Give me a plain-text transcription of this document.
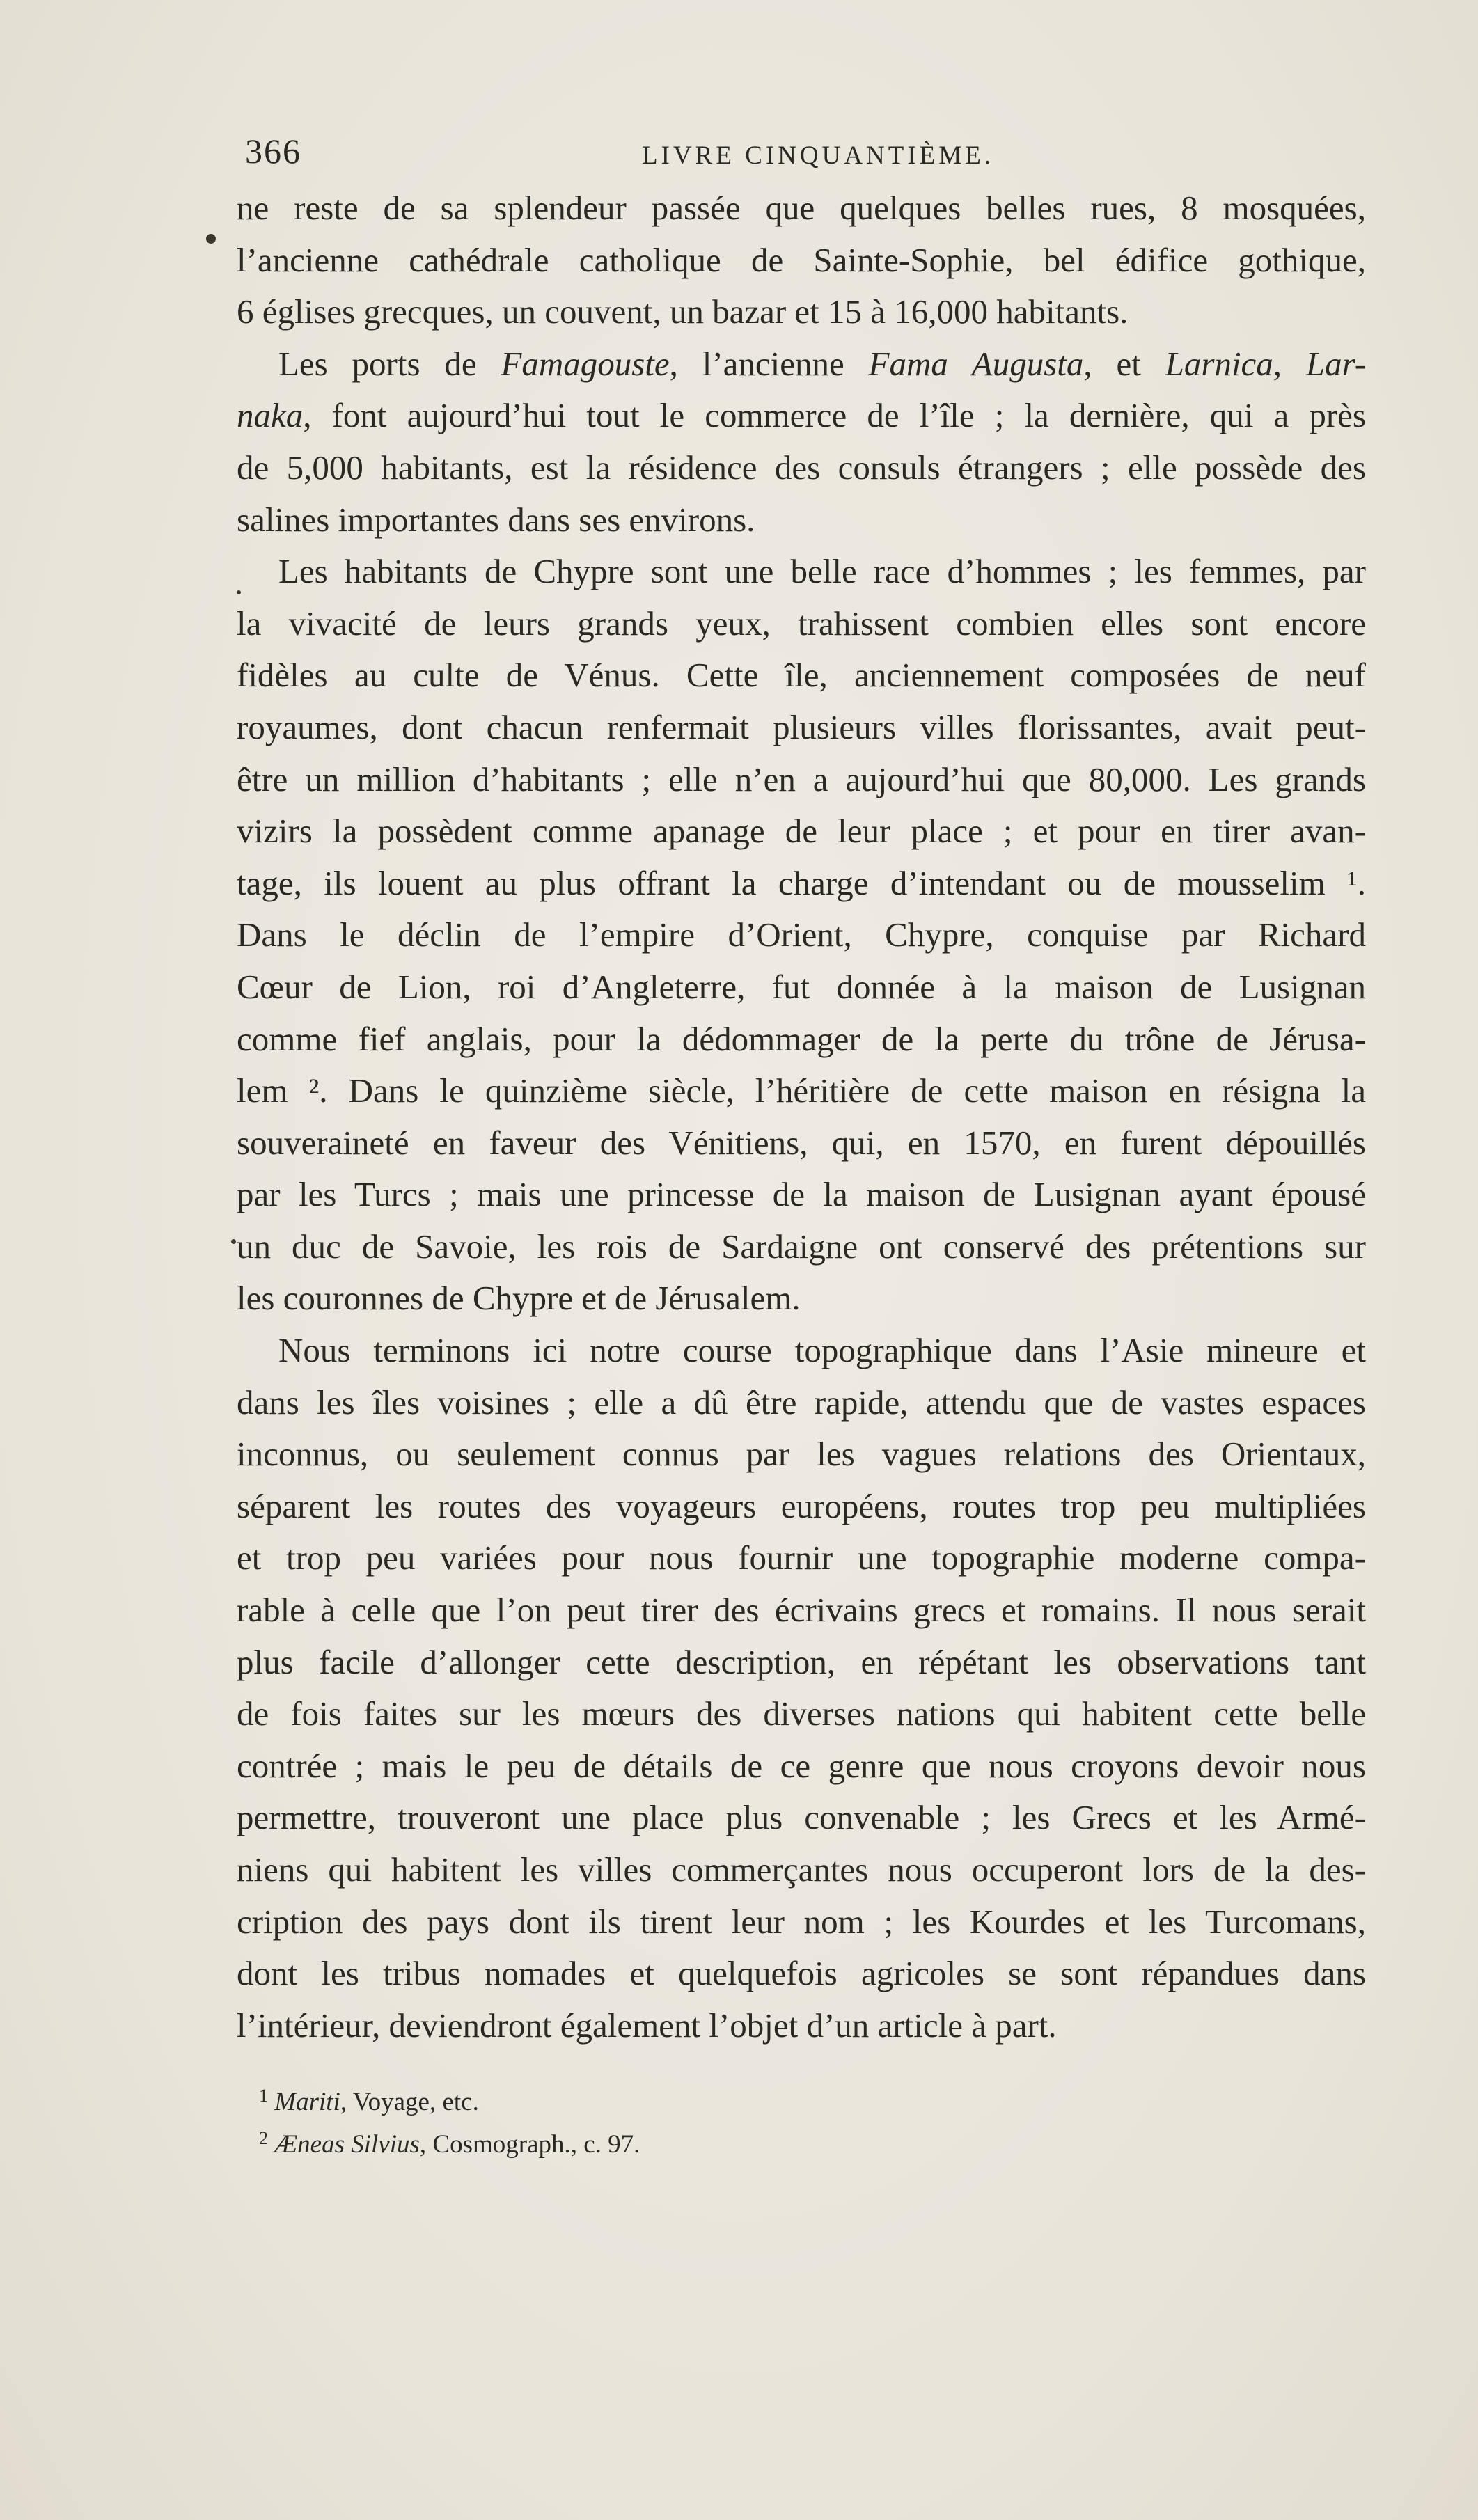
366	LIVRE CINQUANTIÈME.
ne reste de sa splendeur passée que quelques belles rues, 8 mosquées,
l’ancienne cathédrale catholique de Sainte-Sophie, bel édifice gothique,
6 églises grecques, un couvent, un bazar et 15 à 16,000 habitants.
Les ports de Famagouste, l’ancienne Fama Augusta, et Larnica, Lar-
naka, font aujourd’hui tout le commerce de l’île ; la dernière, qui a près
de 5,000 habitants, est la résidence des consuls étrangers ; elle possède des
salines importantes dans ses environs.
Les habitants de Chypre sont une belle race d’hommes ; les femmes, par
la vivacité de leurs grands yeux, trahissent combien elles sont encore
fidèles au culte de Vénus. Cette île, anciennement composées de neuf
royaumes, dont chacun renfermait plusieurs villes florissantes, avait peut-
être un million d’habitants ; elle n’en a aujourd’hui que 80,000. Les grands
vizirs la possèdent comme apanage de leur place ; et pour en tirer avan-
tage, ils louent au plus offrant la charge d’intendant ou de mousselim ¹.
Dans le déclin de l’empire d’Orient, Chypre, conquise par Richard
Cœur de Lion, roi d’Angleterre, fut donnée à la maison de Lusignan
comme fief anglais, pour la dédommager de la perte du trône de Jérusa-
lem ². Dans le quinzième siècle, l’héritière de cette maison en résigna la
souveraineté en faveur des Vénitiens, qui, en 1570, en furent dépouillés
par les Turcs ; mais une princesse de la maison de Lusignan ayant épousé
un duc de Savoie, les rois de Sardaigne ont conservé des prétentions sur
les couronnes de Chypre et de Jérusalem.
Nous terminons ici notre course topographique dans l’Asie mineure et
dans les îles voisines ; elle a dû être rapide, attendu que de vastes espaces
inconnus, ou seulement connus par les vagues relations des Orientaux,
séparent les routes des voyageurs européens, routes trop peu multipliées
et trop peu variées pour nous fournir une topographie moderne compa-
rable à celle que l’on peut tirer des écrivains grecs et romains. Il nous serait
plus facile d’allonger cette description, en répétant les observations tant
de fois faites sur les mœurs des diverses nations qui habitent cette belle
contrée ; mais le peu de détails de ce genre que nous croyons devoir nous
permettre, trouveront une place plus convenable ; les Grecs et les Armé-
niens qui habitent les villes commerçantes nous occuperont lors de la des-
cription des pays dont ils tirent leur nom ; les Kourdes et les Turcomans,
dont les tribus nomades et quelquefois agricoles se sont répandues dans
l’intérieur, deviendront également l’objet d’un article à part.
$^1$ Mariti, Voyage, etc.
$^2$ Æneas Silvius, Cosmograph., c. 97.
